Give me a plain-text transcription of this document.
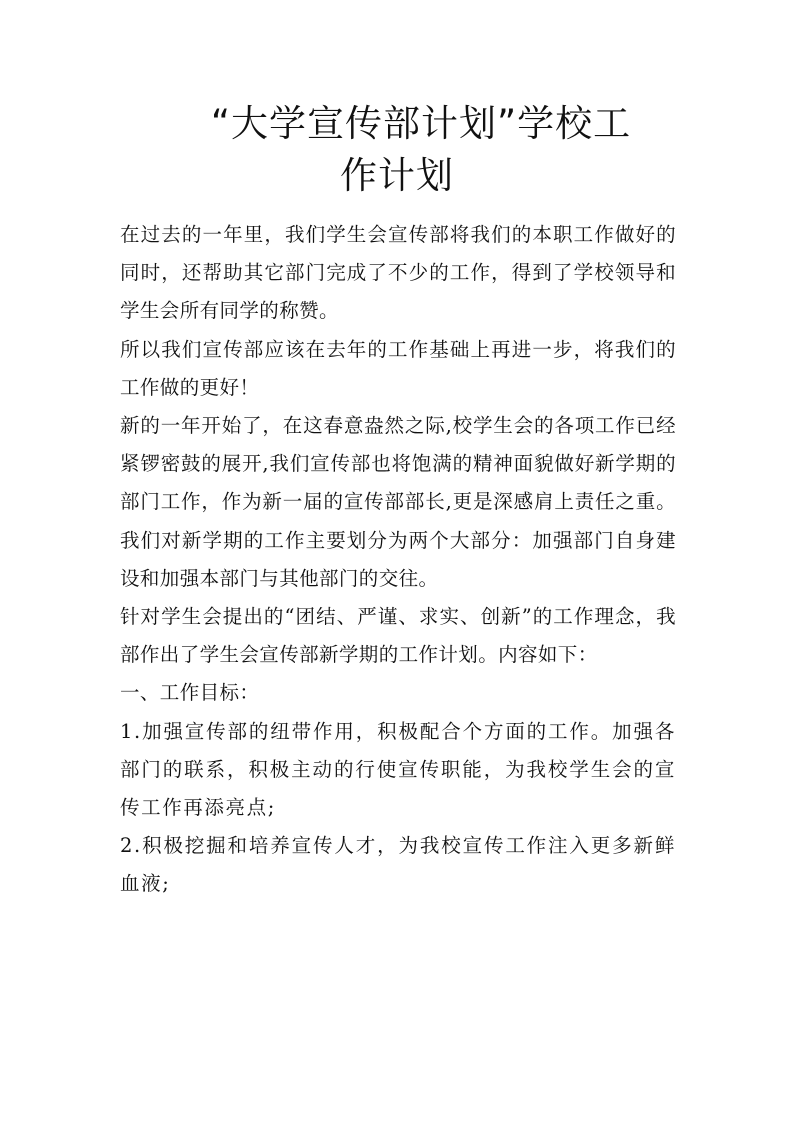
“大学宣传部计划”学校工
作计划

在过去的一年里，我们学生会宣传部将我们的本职工作做好的同时，还帮助其它部门完成了不少的工作，得到了学校领导和学生会所有同学的称赞。

所以我们宣传部应该在去年的工作基础上再进一步，将我们的工作做的更好！

新的一年开始了，在这春意盎然之际,校学生会的各项工作已经紧锣密鼓的展开,我们宣传部也将饱满的精神面貌做好新学期的部门工作，作为新一届的宣传部部长,更是深感肩上责任之重。我们对新学期的工作主要划分为两个大部分：加强部门自身建设和加强本部门与其他部门的交往。

针对学生会提出的“团结、严谨、求实、创新”的工作理念，我部作出了学生会宣传部新学期的工作计划。内容如下：

一、工作目标：

1.加强宣传部的纽带作用，积极配合个方面的工作。加强各部门的联系，积极主动的行使宣传职能，为我校学生会的宣传工作再添亮点;

2.积极挖掘和培养宣传人才，为我校宣传工作注入更多新鲜血液;
